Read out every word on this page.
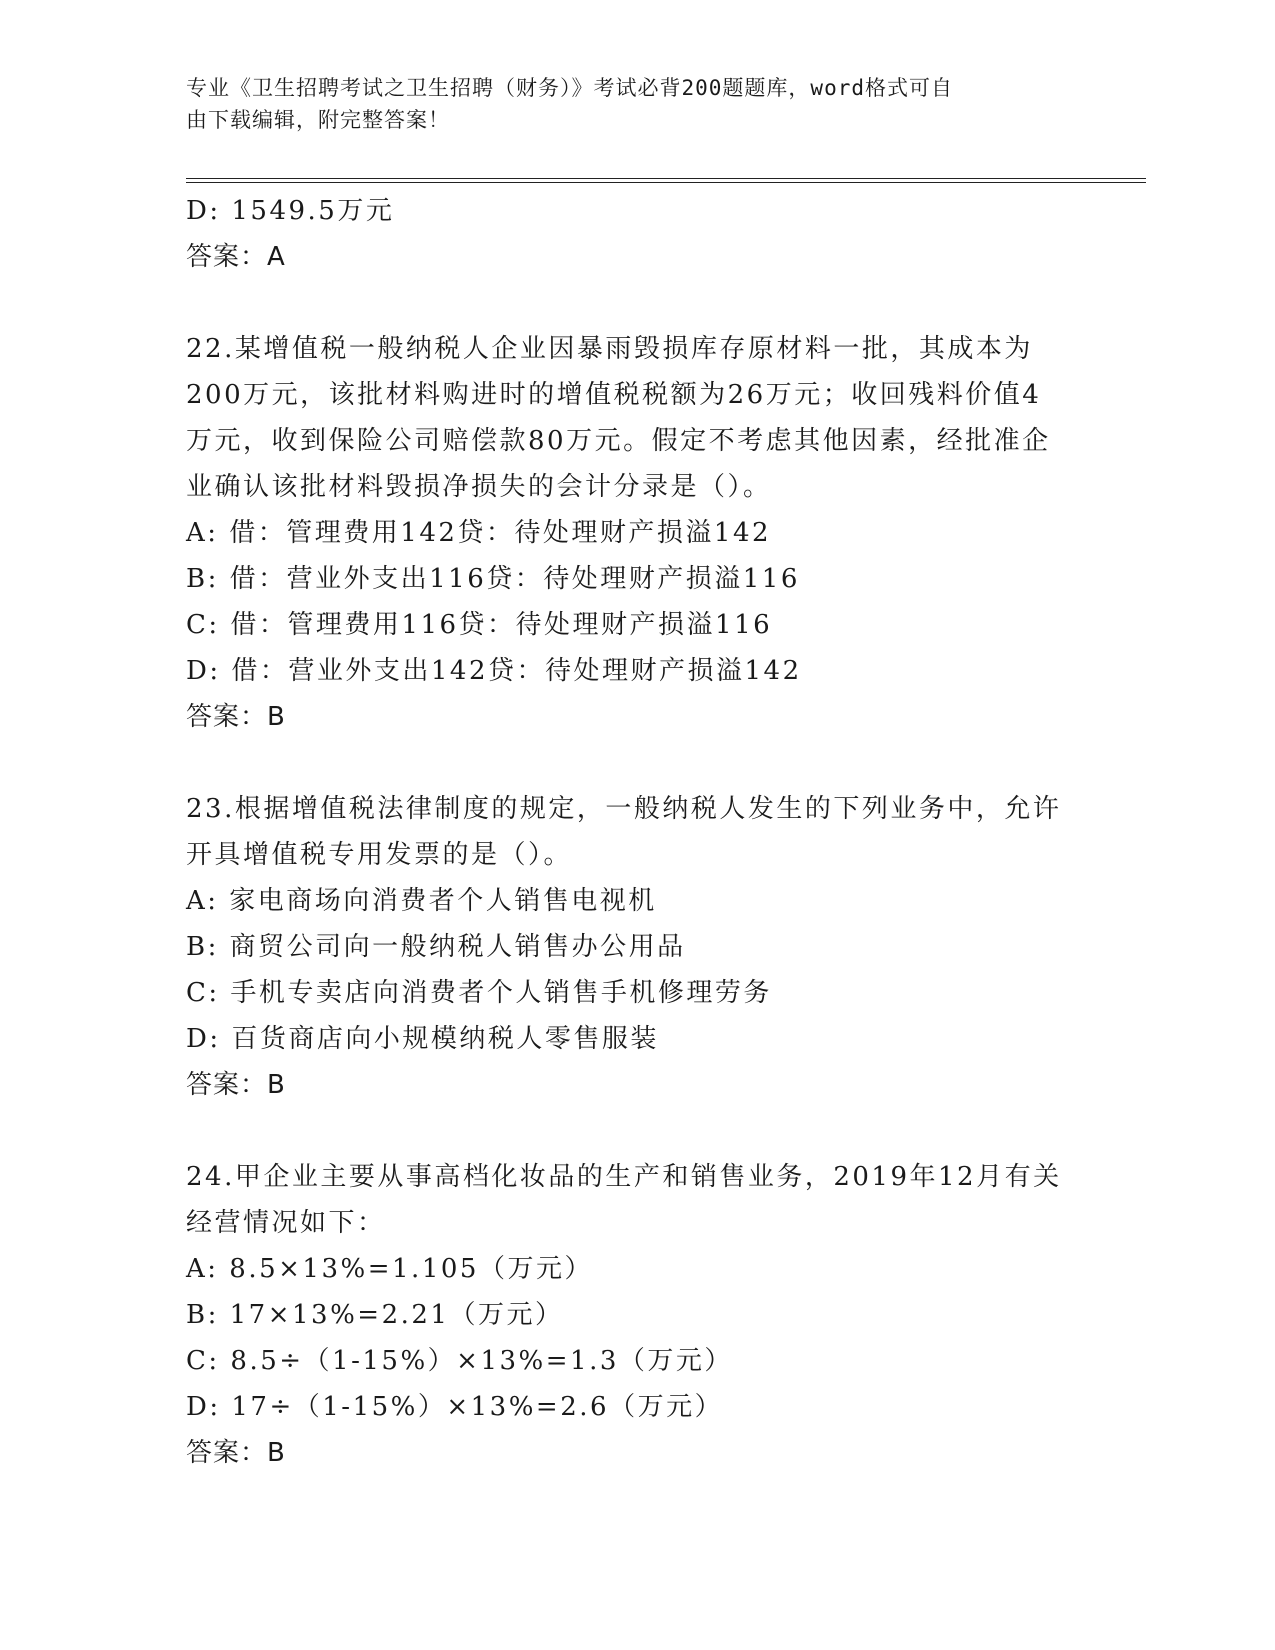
专业《卫生招聘考试之卫生招聘（财务）》考试必背200题题库，word格式可自
由下载编辑，附完整答案！
D: 1549.5万元
答案：A
22.某增值税一般纳税人企业因暴雨毁损库存原材料一批，其成本为
200万元，该批材料购进时的增值税税额为26万元；收回残料价值4
万元，收到保险公司赔偿款80万元。假定不考虑其他因素，经批准企
业确认该批材料毁损净损失的会计分录是（）。
A: 借：管理费用142贷：待处理财产损溢142
B: 借：营业外支出116贷：待处理财产损溢116
C: 借：管理费用116贷：待处理财产损溢116
D: 借：营业外支出142贷：待处理财产损溢142
答案：B
23.根据增值税法律制度的规定，一般纳税人发生的下列业务中，允许
开具增值税专用发票的是（）。
A: 家电商场向消费者个人销售电视机
B: 商贸公司向一般纳税人销售办公用品
C: 手机专卖店向消费者个人销售手机修理劳务
D: 百货商店向小规模纳税人零售服装
答案：B
24.甲企业主要从事高档化妆品的生产和销售业务，2019年12月有关
经营情况如下：
A: 8.5×13%=1.105（万元）
B: 17×13%=2.21（万元）
C: 8.5÷（1-15%）×13%=1.3（万元）
D: 17÷（1-15%）×13%=2.6（万元）
答案：B
